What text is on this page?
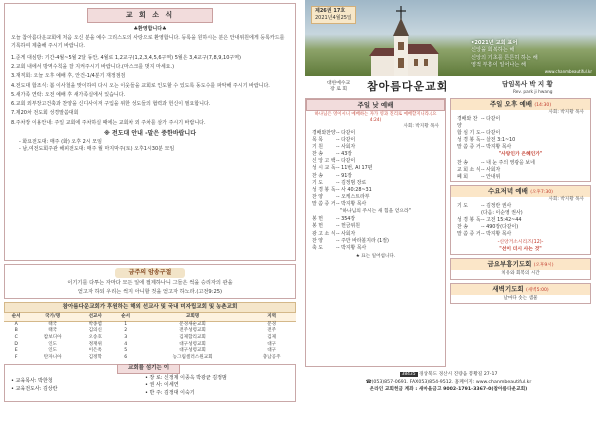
교 회 소 식
♣환영합니다♣
오늘 참아름다운교회에 처음 오신 분을 예수 그리스도의 사랑으로 환영합니다. 등록을 원하시는 분은 안내위원에게 등록카드를 기록하여 제출해 주시기 바랍니다.
1.준게 대심방: 기간-4월~5월 2달 동안, 4월로 1,2교구(1,2,3,4,5,6구역) 5월은 3,4교구(7,8,9,10구역)
2.교회 내에서 방역수칙을 잘 지켜주시기 바랍니다.(마스크를 벗지 마세요.)
3.재직회: 오늘 오후 예배 후, 안건-1/4분기 재정점검
4.전도대 합조식: 봄 이사철을 맞이하여 다시 오는 이웃들을 교회로 인도할 수 있도록 동도수를 파악해 주시기 바랍니다.
5.새가족 연락: 오전 예배 후 새가족실에서 있습니다.
6.교회 외부장고건축과 찬양을 신디사이저 구입을 위한 성도들의 협력과 헌신이 필요합니다.
7.제20차 전도회 성경말씀대회
8.주차장 이용안내: 주일 교회에 주차하실 때에는 교회차 외 주차를 삼가 주시기 바랍니다.
※ 전도대 안내 -말은 중한바랍니다
- 화요전도대: 매주 (화) 오후 2시 모임
- 남,여전도회주관 해피전도대: 매주 월 마지막주(토) 오후1시30분 모임
금주의 암송구절
이기기를 다투는 자마다 모든 일에 절제하나니 그들은 썩을 승리자의 관을
얻고자 하되 우리는 썩지 아니할 것을 얻고자 하노라.(고전9:25)
참아름다운교회가 후원하는 해외 선교사 및 국내 미자립교회 및 농촌교회
순서	국가/명	선교사	순서	교회명	지역
A	태국	박종엽	1	문경새순교회	문경
B	태국	김의신	2	전주성령교회	전주
C	캄보디아	오송호	3	김제합리교회	김제
D	인도	정재위	4	대구성령교회	대구
E	인도	이은옥	5	대구성령교회	대구
F	탄자니아	김정학	6	농그림셀러스원교회	충남공주
교회를 섬기는 이
• 교육목사: 박한청
• 교육전도사: 김상란
• 장 로: 신정제 이종옥 박광균 김정범
• 권 사: 이세연
• 반 주: 김정대 이숙기
제26권 17호
2021년4월25일
•2021년 교회 표어
신앙을 회복하는 해
신앙의 기초를 튼튼히 하는 해
영적 부흥이 일어나는 해
www.chanmbeautiful.kr
대한예수교
장 로 회 참아름다운교회	담임목사 박 지 황
Rev. park ji hwang
주일 낮 예배
하나님은 영이시니 예배하는 자가 영과 진리로 예배할지니라.(요4:24)
사회: 박지황 목사
경배와찬양 -- 다같이
목 목	-- 다같이
기 원	-- 사회자
찬 송	-- 43장
신 앙 고 백 -- 다같이
성 시 교 독 -- 11번, AI 17편
찬 송	-- 91장
기 도	-- 김정범 장로
성 경 봉 독 -- 사 40:28~31
찬 양	-- 오케스트라부
말 씀 증 거 -- 박지황 목사
"하나님의 주시는 새 힘을 얻으라"
봉 헌	-- 354장
봉 헌	-- 헌금위원
광 고 소 식 -- 사회자
찬 양	-- 주만 바라볼지라 (1절)
축 도	-- 박지황 목사
★ 표는 일어섭니다.
주일 오후 예배 (14:30)
사회: 박지황 목사
경배와 찬양
-- 다같이
합 심 기 도 -- 다같이
성 경 봉 독 -- 살전 3:1~10
말 씀 증 거 -- 박지황 목사
"사랑인가 은혜인가"
찬 송	-- 내 눈 주의 영광을 보네
교 회 소 식 -- 사회자
폐 회	-- 안내위
수요저녁 예배 (오후7:30)
사회: 박지황 목사
기 도	-- 김정란 권사
(다음: 이순영 권사)
성 경 봉 독 -- 고전 15:42~44
찬 송	-- 490장(다같이)
말 씀 증 거 -- 박지황 목사
-신앙거소시리즈(12)-
"선이 더시 사는 것"
금요부흥기도회 (오후9시)
치유와 회복의 시간
새벽기도회 (새벽5:00)
날마다 솟는 샘물
38435 경상북도 경산시 진량읍 봉황길 27-17
☎(053)857-0691. FAX053)854-9512. 홈페이지: www.chanmbeautiful.kr
온라인 교회헌금 계좌 : 새마을금고 9002-1791-3367-0(참아름다운교회)
